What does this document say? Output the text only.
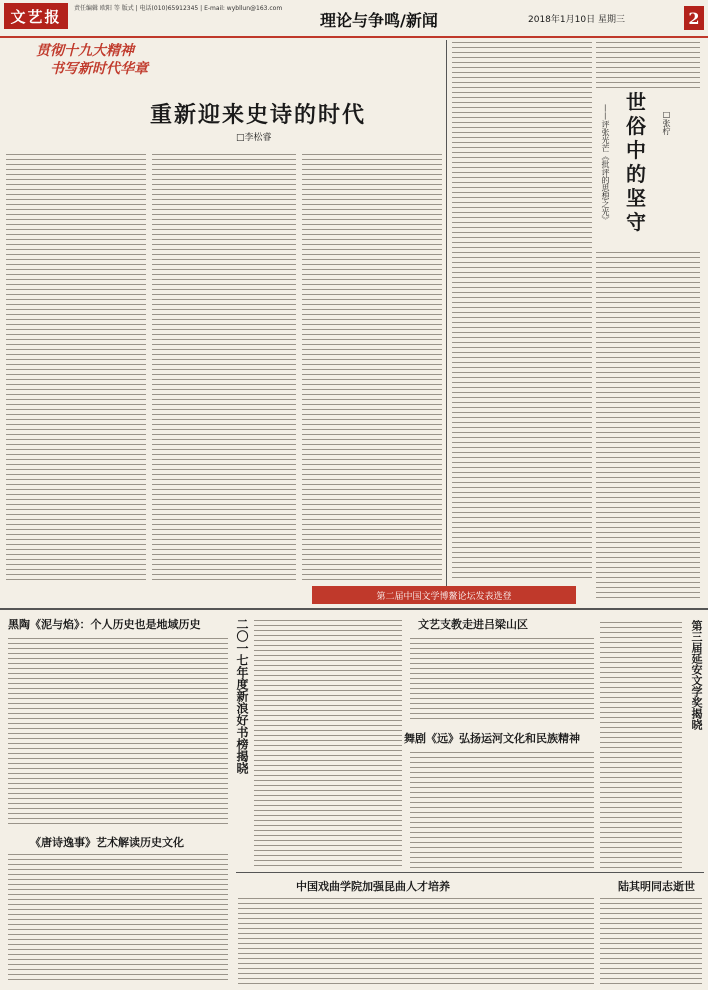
文艺报	责任编辑 欧阳 等 版式 | 电话(010)65912345 | E-mail: wybllun@163.com
理论与争鸣/新闻	2018年1月10日 星期三	2
贯彻十九大精神
书写新时代华章
重新迎来史诗的时代
□李松睿	——评张光芒《批评的思想之光》
世
俗
中
的
坚
守
□张柠
第二届中国文学博鳌论坛发表选登
黑陶《泥与焰》：个人历史也是地域历史
《唐诗逸事》艺术解读历史文化
二〇一七年度新浪好书榜揭晓	文艺支教走进吕梁山区
舞剧《远》弘扬运河文化和民族精神
第三届延安文学奖揭晓
中国戏曲学院加强昆曲人才培养	陆其明同志逝世
